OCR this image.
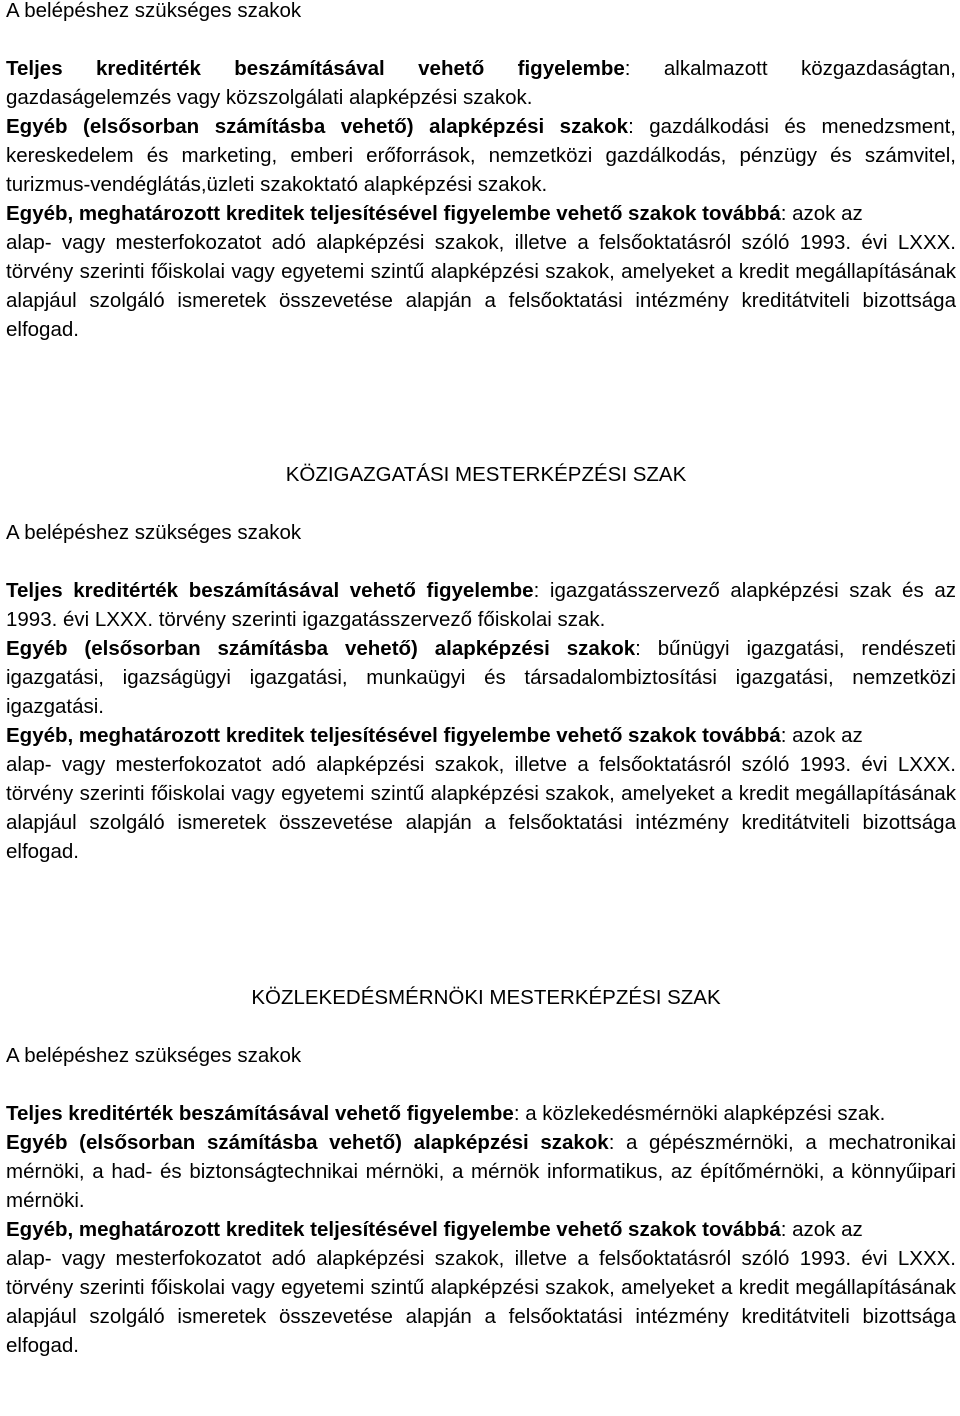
A belépéshez szükséges szakok

Teljes kreditérték beszámításával vehető figyelembe: alkalmazott közgazdaságtan, gazdaságelemzés vagy közszolgálati alapképzési szakok.

Egyéb (elsősorban számításba vehető) alapképzési szakok: gazdálkodási és menedzsment, kereskedelem és marketing, emberi erőforrások, nemzetközi gazdálkodás, pénzügy és számvitel, turizmus-vendéglátás,üzleti szakoktató alapképzési szakok.

Egyéb, meghatározott kreditek teljesítésével figyelembe vehető szakok továbbá: azok az

alap- vagy mesterfokozatot adó alapképzési szakok, illetve a felsőoktatásról szóló 1993. évi LXXX. törvény szerinti főiskolai vagy egyetemi szintű alapképzési szakok, amelyeket a kredit megállapításának alapjául szolgáló ismeretek összevetése alapján a felsőoktatási intézmény kreditátviteli bizottsága elfogad.

KÖZIGAZGATÁSI MESTERKÉPZÉSI SZAK

A belépéshez szükséges szakok

Teljes kreditérték beszámításával vehető figyelembe: igazgatásszervező alapképzési szak és az 1993. évi LXXX. törvény szerinti igazgatásszervező főiskolai szak.

Egyéb (elsősorban számításba vehető) alapképzési szakok: bűnügyi igazgatási, rendészeti igazgatási, igazságügyi igazgatási, munkaügyi és társadalombiztosítási igazgatási, nemzetközi igazgatási.

Egyéb, meghatározott kreditek teljesítésével figyelembe vehető szakok továbbá: azok az

alap- vagy mesterfokozatot adó alapképzési szakok, illetve a felsőoktatásról szóló 1993. évi LXXX. törvény szerinti főiskolai vagy egyetemi szintű alapképzési szakok, amelyeket a kredit megállapításának alapjául szolgáló ismeretek összevetése alapján a felsőoktatási intézmény kreditátviteli bizottsága elfogad.

KÖZLEKEDÉSMÉRNÖKI MESTERKÉPZÉSI SZAK

A belépéshez szükséges szakok

Teljes kreditérték beszámításával vehető figyelembe: a közlekedésmérnöki alapképzési szak.

Egyéb (elsősorban számításba vehető) alapképzési szakok: a gépészmérnöki, a mechatronikai mérnöki, a had- és biztonságtechnikai mérnöki, a mérnök informatikus, az építőmérnöki, a könnyűipari mérnöki.

Egyéb, meghatározott kreditek teljesítésével figyelembe vehető szakok továbbá: azok az

alap- vagy mesterfokozatot adó alapképzési szakok, illetve a felsőoktatásról szóló 1993. évi LXXX. törvény szerinti főiskolai vagy egyetemi szintű alapképzési szakok, amelyeket a kredit megállapításának alapjául szolgáló ismeretek összevetése alapján a felsőoktatási intézmény kreditátviteli bizottsága elfogad.
